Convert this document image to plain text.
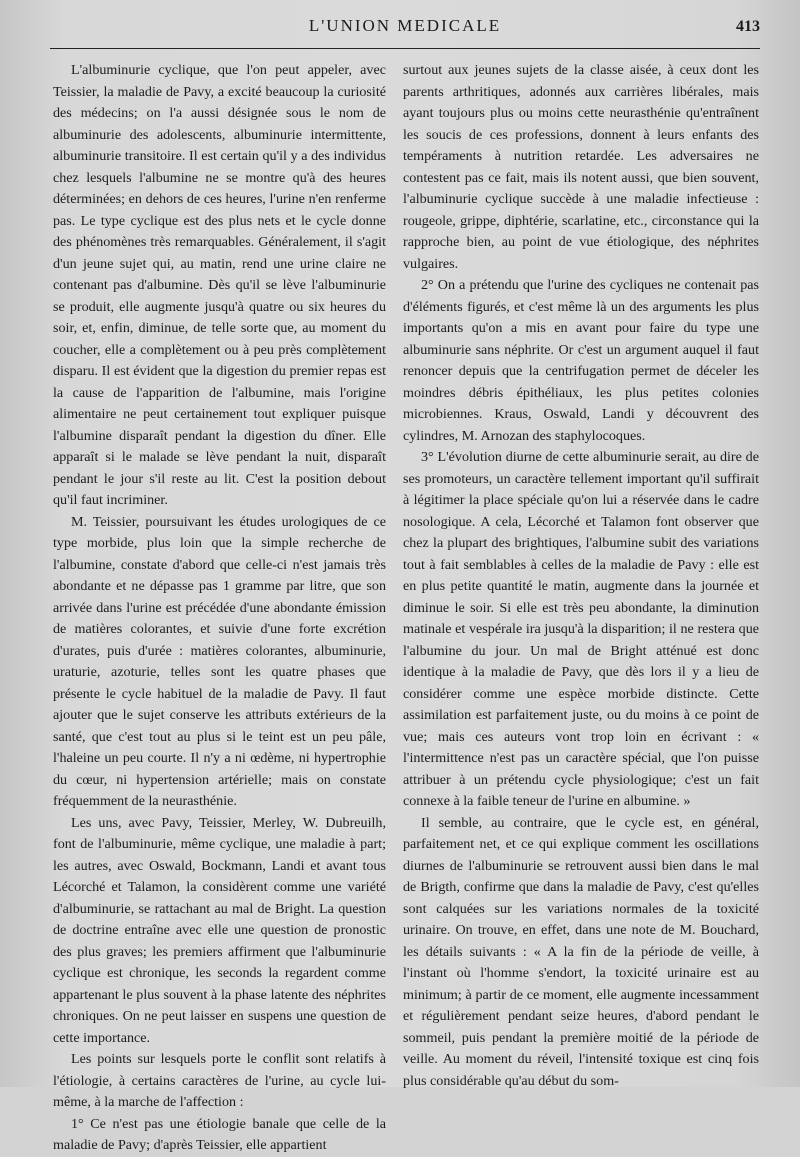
L'UNION MEDICALE	413

L'albuminurie cyclique, que l'on peut appeler, avec Teissier, la maladie de Pavy, a excité beaucoup la curiosité des médecins; on l'a aussi désignée sous le nom de albuminurie des adolescents, albuminurie intermittente, albuminurie transitoire. Il est certain qu'il y a des individus chez lesquels l'albumine ne se montre qu'à des heures déterminées; en dehors de ces heures, l'urine n'en renferme pas. Le type cyclique est des plus nets et le cycle donne des phénomènes très remarquables. Généralement, il s'agit d'un jeune sujet qui, au matin, rend une urine claire ne contenant pas d'albumine. Dès qu'il se lève l'albuminurie se produit, elle augmente jusqu'à quatre ou six heures du soir, et, enfin, diminue, de telle sorte que, au moment du coucher, elle a complètement ou à peu près complètement disparu. Il est évident que la digestion du premier repas est la cause de l'apparition de l'albumine, mais l'origine alimentaire ne peut certainement tout expliquer puisque l'albumine disparaît pendant la digestion du dîner. Elle apparaît si le malade se lève pendant la nuit, disparaît pendant le jour s'il reste au lit. C'est la position debout qu'il faut incriminer.

M. Teissier, poursuivant les études urologiques de ce type morbide, plus loin que la simple recherche de l'albumine, constate d'abord que celle-ci n'est jamais très abondante et ne dépasse pas 1 gramme par litre, que son arrivée dans l'urine est précédée d'une abondante émission de matières colorantes, et suivie d'une forte excrétion d'urates, puis d'urée : matières colorantes, albuminurie, uraturie, azoturie, telles sont les quatre phases que présente le cycle habituel de la maladie de Pavy. Il faut ajouter que le sujet conserve les attributs extérieurs de la santé, que c'est tout au plus si le teint est un peu pâle, l'haleine un peu courte. Il n'y a ni œdème, ni hypertrophie du cœur, ni hypertension artérielle; mais on constate fréquemment de la neurasthénie.

Les uns, avec Pavy, Teissier, Merley, W. Dubreuilh, font de l'albuminurie, même cyclique, une maladie à part; les autres, avec Oswald, Bockmann, Landi et avant tous Lécorché et Talamon, la considèrent comme une variété d'albuminurie, se rattachant au mal de Bright. La question de doctrine entraîne avec elle une question de pronostic des plus graves; les premiers affirment que l'albuminurie cyclique est chronique, les seconds la regardent comme appartenant le plus souvent à la phase latente des néphrites chroniques. On ne peut laisser en suspens une question de cette importance.

Les points sur lesquels porte le conflit sont relatifs à l'étiologie, à certains caractères de l'urine, au cycle lui-même, à la marche de l'affection :

1° Ce n'est pas une étiologie banale que celle de la maladie de Pavy; d'après Teissier, elle appartient

surtout aux jeunes sujets de la classe aisée, à ceux dont les parents arthritiques, adonnés aux carrières libérales, mais ayant toujours plus ou moins cette neurasthénie qu'entraînent les soucis de ces professions, donnent à leurs enfants des tempéraments à nutrition retardée. Les adversaires ne contestent pas ce fait, mais ils notent aussi, que bien souvent, l'albuminurie cyclique succède à une maladie infectieuse : rougeole, grippe, diphtérie, scarlatine, etc., circonstance qui la rapproche bien, au point de vue étiologique, des néphrites vulgaires.

2° On a prétendu que l'urine des cycliques ne contenait pas d'éléments figurés, et c'est même là un des arguments les plus importants qu'on a mis en avant pour faire du type une albuminurie sans néphrite. Or c'est un argument auquel il faut renoncer depuis que la centrifugation permet de déceler les moindres débris épithéliaux, les plus petites colonies microbiennes. Kraus, Oswald, Landi y découvrent des cylindres, M. Arnozan des staphylocoques.

3° L'évolution diurne de cette albuminurie serait, au dire de ses promoteurs, un caractère tellement important qu'il suffirait à légitimer la place spéciale qu'on lui a réservée dans le cadre nosologique. A cela, Lécorché et Talamon font observer que chez la plupart des brightiques, l'albumine subit des variations tout à fait semblables à celles de la maladie de Pavy : elle est en plus petite quantité le matin, augmente dans la journée et diminue le soir. Si elle est très peu abondante, la diminution matinale et vespérale ira jusqu'à la disparition; il ne restera que l'albumine du jour. Un mal de Bright atténué est donc identique à la maladie de Pavy, que dès lors il y a lieu de considérer comme une espèce morbide distincte. Cette assimilation est parfaitement juste, ou du moins à ce point de vue; mais ces auteurs vont trop loin en écrivant : « l'intermittence n'est pas un caractère spécial, que l'on puisse attribuer à un prétendu cycle physiologique; c'est un fait connexe à la faible teneur de l'urine en albumine. »

Il semble, au contraire, que le cycle est, en général, parfaitement net, et ce qui explique comment les oscillations diurnes de l'albuminurie se retrouvent aussi bien dans le mal de Brigth, confirme que dans la maladie de Pavy, c'est qu'elles sont calquées sur les variations normales de la toxicité urinaire. On trouve, en effet, dans une note de M. Bouchard, les détails suivants : « A la fin de la période de veille, à l'instant où l'homme s'endort, la toxicité urinaire est au minimum; à partir de ce moment, elle augmente incessamment et régulièrement pendant seize heures, d'abord pendant le sommeil, puis pendant la première moitié de la période de veille. Au moment du réveil, l'intensité toxique est cinq fois plus considérable qu'au début du som-
